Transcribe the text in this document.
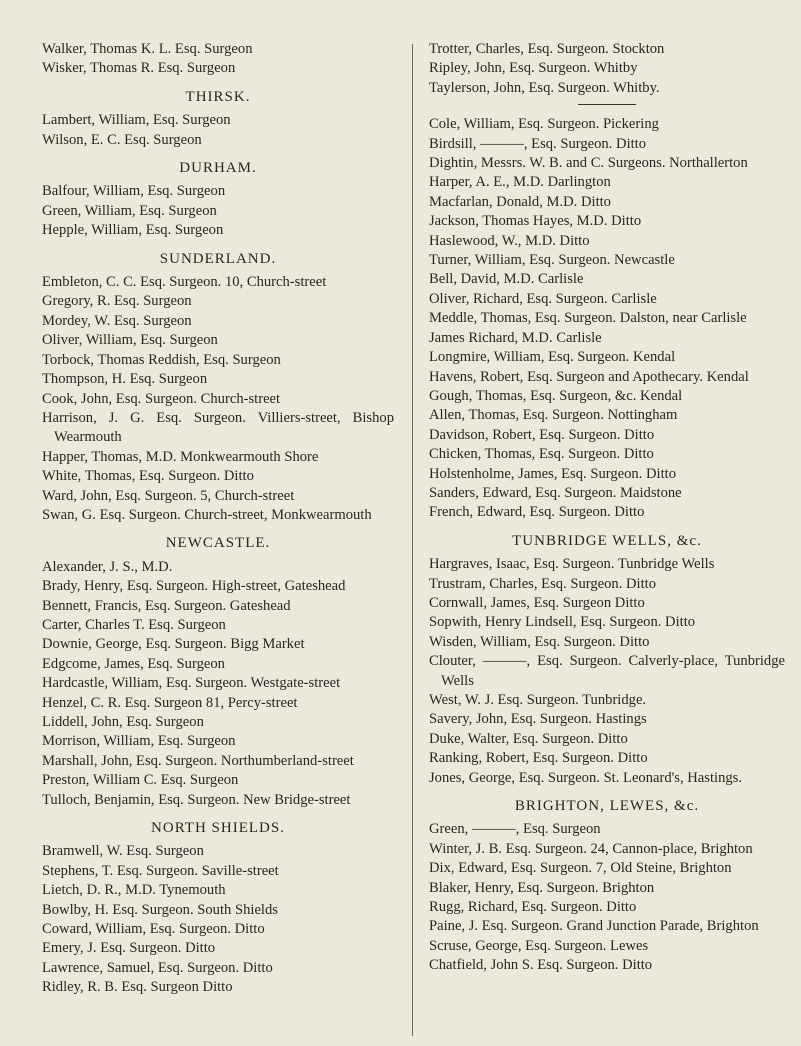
Walker, Thomas K. L. Esq. Surgeon

Wisker, Thomas R. Esq. Surgeon

THIRSK.

Lambert, William, Esq. Surgeon

Wilson, E. C. Esq. Surgeon

DURHAM.

Balfour, William, Esq. Surgeon

Green, William, Esq. Surgeon

Hepple, William, Esq. Surgeon

SUNDERLAND.

Embleton, C. C. Esq. Surgeon. 10, Church-street

Gregory, R. Esq. Surgeon

Mordey, W. Esq. Surgeon

Oliver, William, Esq. Surgeon

Torbock, Thomas Reddish, Esq. Surgeon

Thompson, H. Esq. Surgeon

Cook, John, Esq. Surgeon. Church-street

Harrison, J. G. Esq. Surgeon. Villiers-street, Bishop Wearmouth

Happer, Thomas, M.D. Monkwearmouth Shore

White, Thomas, Esq. Surgeon. Ditto

Ward, John, Esq. Surgeon. 5, Church-street

Swan, G. Esq. Surgeon. Church-street, Monkwearmouth

NEWCASTLE.

Alexander, J. S., M.D.

Brady, Henry, Esq. Surgeon. High-street, Gateshead

Bennett, Francis, Esq. Surgeon. Gateshead

Carter, Charles T. Esq. Surgeon

Downie, George, Esq. Surgeon. Bigg Market

Edgcome, James, Esq. Surgeon

Hardcastle, William, Esq. Surgeon. Westgate-street

Henzel, C. R. Esq. Surgeon 81, Percy-street

Liddell, John, Esq. Surgeon

Morrison, William, Esq. Surgeon

Marshall, John, Esq. Surgeon. Northumberland-street

Preston, William C. Esq. Surgeon

Tulloch, Benjamin, Esq. Surgeon. New Bridge-street

NORTH SHIELDS.

Bramwell, W. Esq. Surgeon

Stephens, T. Esq. Surgeon. Saville-street

Lietch, D. R., M.D. Tynemouth

Bowlby, H. Esq. Surgeon. South Shields

Coward, William, Esq. Surgeon. Ditto

Emery, J. Esq. Surgeon. Ditto

Lawrence, Samuel, Esq. Surgeon. Ditto

Ridley, R. B. Esq. Surgeon Ditto

Trotter, Charles, Esq. Surgeon. Stockton

Ripley, John, Esq. Surgeon. Whitby

Taylerson, John, Esq. Surgeon. Whitby.

Cole, William, Esq. Surgeon. Pickering

Birdsill, ———, Esq. Surgeon. Ditto

Dightin, Messrs. W. B. and C. Surgeons. Northallerton

Harper, A. E., M.D. Darlington

Macfarlan, Donald, M.D. Ditto

Jackson, Thomas Hayes, M.D. Ditto

Haslewood, W., M.D. Ditto

Turner, William, Esq. Surgeon. Newcastle

Bell, David, M.D. Carlisle

Oliver, Richard, Esq. Surgeon. Carlisle

Meddle, Thomas, Esq. Surgeon. Dalston, near Carlisle

James Richard, M.D. Carlisle

Longmire, William, Esq. Surgeon. Kendal

Havens, Robert, Esq. Surgeon and Apothecary. Kendal

Gough, Thomas, Esq. Surgeon, &c. Kendal

Allen, Thomas, Esq. Surgeon. Nottingham

Davidson, Robert, Esq. Surgeon. Ditto

Chicken, Thomas, Esq. Surgeon. Ditto

Holstenholme, James, Esq. Surgeon. Ditto

Sanders, Edward, Esq. Surgeon. Maidstone

French, Edward, Esq. Surgeon. Ditto

TUNBRIDGE WELLS, &c.

Hargraves, Isaac, Esq. Surgeon. Tunbridge Wells

Trustram, Charles, Esq. Surgeon. Ditto

Cornwall, James, Esq. Surgeon Ditto

Sopwith, Henry Lindsell, Esq. Surgeon. Ditto

Wisden, William, Esq. Surgeon. Ditto

Clouter, ———, Esq. Surgeon. Calverly-place, Tunbridge Wells

West, W. J. Esq. Surgeon. Tunbridge.

Savery, John, Esq. Surgeon. Hastings

Duke, Walter, Esq. Surgeon. Ditto

Ranking, Robert, Esq. Surgeon. Ditto

Jones, George, Esq. Surgeon. St. Leonard's, Hastings.

BRIGHTON, LEWES, &c.

Green, ———, Esq. Surgeon

Winter, J. B. Esq. Surgeon. 24, Cannon-place, Brighton

Dix, Edward, Esq. Surgeon. 7, Old Steine, Brighton

Blaker, Henry, Esq. Surgeon. Brighton

Rugg, Richard, Esq. Surgeon. Ditto

Paine, J. Esq. Surgeon. Grand Junction Parade, Brighton

Scruse, George, Esq. Surgeon. Lewes

Chatfield, John S. Esq. Surgeon. Ditto
